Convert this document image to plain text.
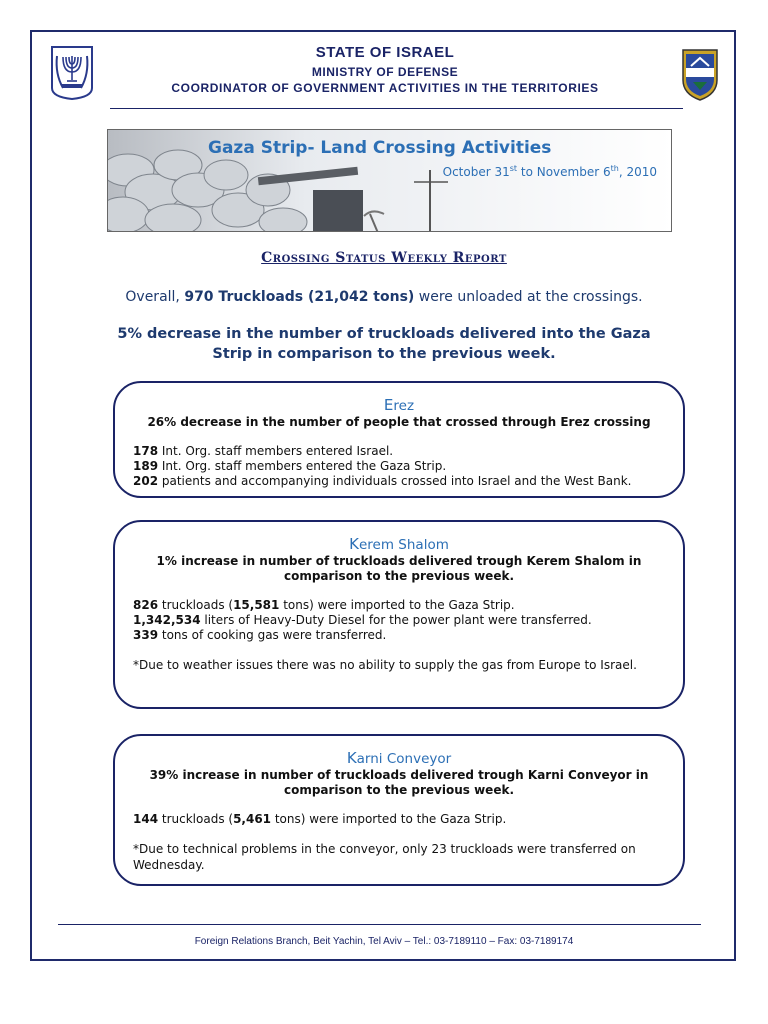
STATE OF ISRAEL
MINISTRY OF DEFENSE
COORDINATOR OF GOVERNMENT ACTIVITIES IN THE TERRITORIES
Gaza Strip- Land Crossing Activities
October 31st to November 6th, 2010
Crossing Status Weekly Report
Overall, 970 Truckloads (21,042 tons) were unloaded at the crossings.
5% decrease in the number of truckloads delivered into the Gaza Strip in comparison to the previous week.
Erez
26% decrease in the number of people that crossed through Erez crossing
178 Int. Org. staff members entered Israel.
189 Int. Org. staff members entered the Gaza Strip.
202 patients and accompanying individuals crossed into Israel and the West Bank.
Kerem Shalom
1% increase in number of truckloads delivered trough Kerem Shalom in comparison to the previous week.
826 truckloads (15,581 tons) were imported to the Gaza Strip.
1,342,534 liters of Heavy-Duty Diesel for the power plant were transferred.
339 tons of cooking gas were transferred.
*Due to weather issues there was no ability to supply the gas from Europe to Israel.
Karni Conveyor
39% increase in number of truckloads delivered trough Karni Conveyor in comparison to the previous week.
144 truckloads (5,461 tons) were imported to the Gaza Strip.
*Due to technical problems in the conveyor, only 23 truckloads were transferred on Wednesday.
Foreign Relations Branch, Beit Yachin, Tel Aviv – Tel.: 03-7189110 – Fax: 03-7189174
